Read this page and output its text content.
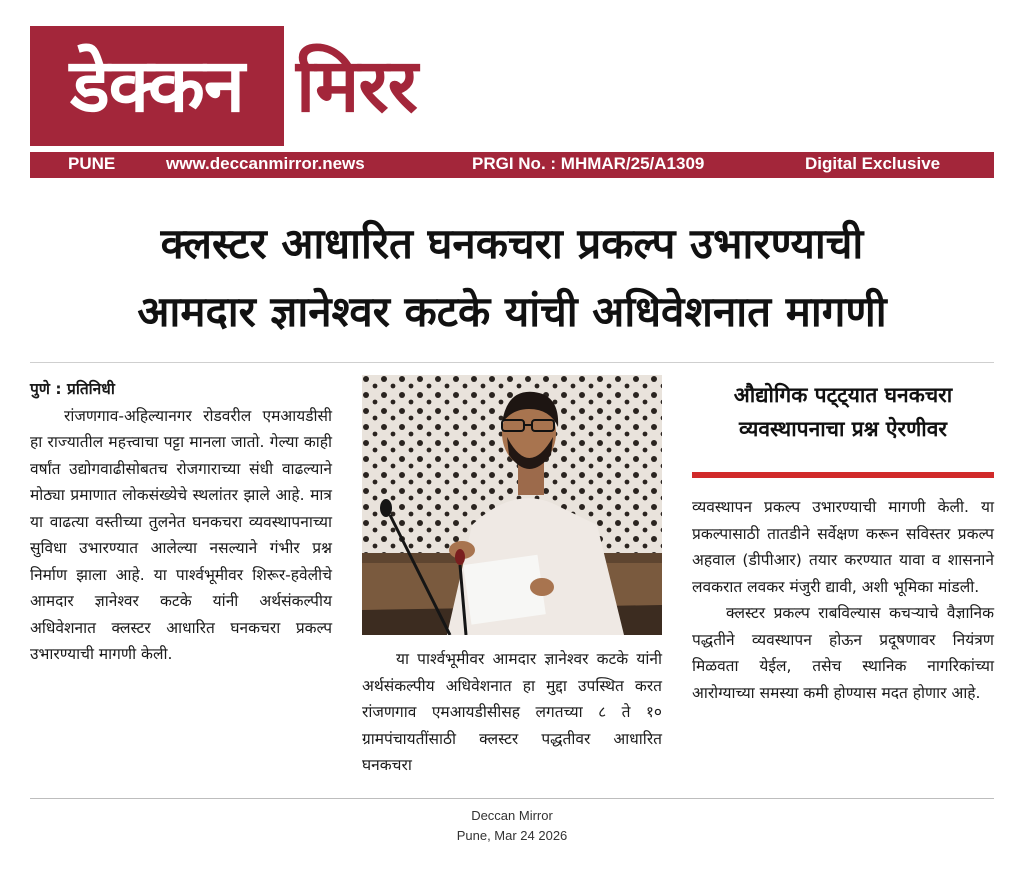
डेक्कन मिरर
PUNE	www.deccanmirror.news	PRGI No. : MHMAR/25/A1309	Digital Exclusive
क्लस्टर आधारित घनकचरा प्रकल्प उभारण्याची
आमदार ज्ञानेश्वर कटके यांची अधिवेशनात मागणी
पुणे : प्रतिनिधी
रांजणगाव-अहिल्यानगर रोडवरील एमआयडीसी हा राज्यातील महत्त्वाचा पट्टा मानला जातो. गेल्या काही वर्षांत उद्योगवाढीसोबतच रोजगाराच्या संधी वाढल्याने मोठ्या प्रमाणात लोकसंख्येचे स्थलांतर झाले आहे. मात्र या वाढत्या वस्तीच्या तुलनेत घनकचरा व्यवस्थापनाच्या सुविधा उभारण्यात आलेल्या नसल्याने गंभीर प्रश्न निर्माण झाला आहे. या पार्श्वभूमीवर शिरूर-हवेलीचे आमदार ज्ञानेश्वर कटके यांनी अर्थसंकल्पीय अधिवेशनात क्लस्टर आधारित घनकचरा प्रकल्प उभारण्याची मागणी केली.	या पार्श्वभूमीवर आमदार ज्ञानेश्वर कटके यांनी अर्थसंकल्पीय अधिवेशनात हा मुद्दा उपस्थित करत रांजणगाव एमआयडीसीसह लगतच्या ८ ते १० ग्रामपंचायतींसाठी क्लस्टर पद्धतीवर आधारित घनकचरा
औद्योगिक पट्ट्यात घनकचरा
व्यवस्थापनाचा प्रश्न ऐरणीवर
व्यवस्थापन प्रकल्प उभारण्याची मागणी केली. या प्रकल्पासाठी तातडीने सर्वेक्षण करून सविस्तर प्रकल्प अहवाल (डीपीआर) तयार करण्यात यावा व शासनाने लवकरात लवकर मंजुरी द्यावी, अशी भूमिका मांडली.
क्लस्टर प्रकल्प राबविल्यास कचऱ्याचे वैज्ञानिक पद्धतीने व्यवस्थापन होऊन प्रदूषणावर नियंत्रण मिळवता येईल, तसेच स्थानिक नागरिकांच्या आरोग्याच्या समस्या कमी होण्यास मदत होणार आहे.
Deccan Mirror
Pune, Mar 24 2026
